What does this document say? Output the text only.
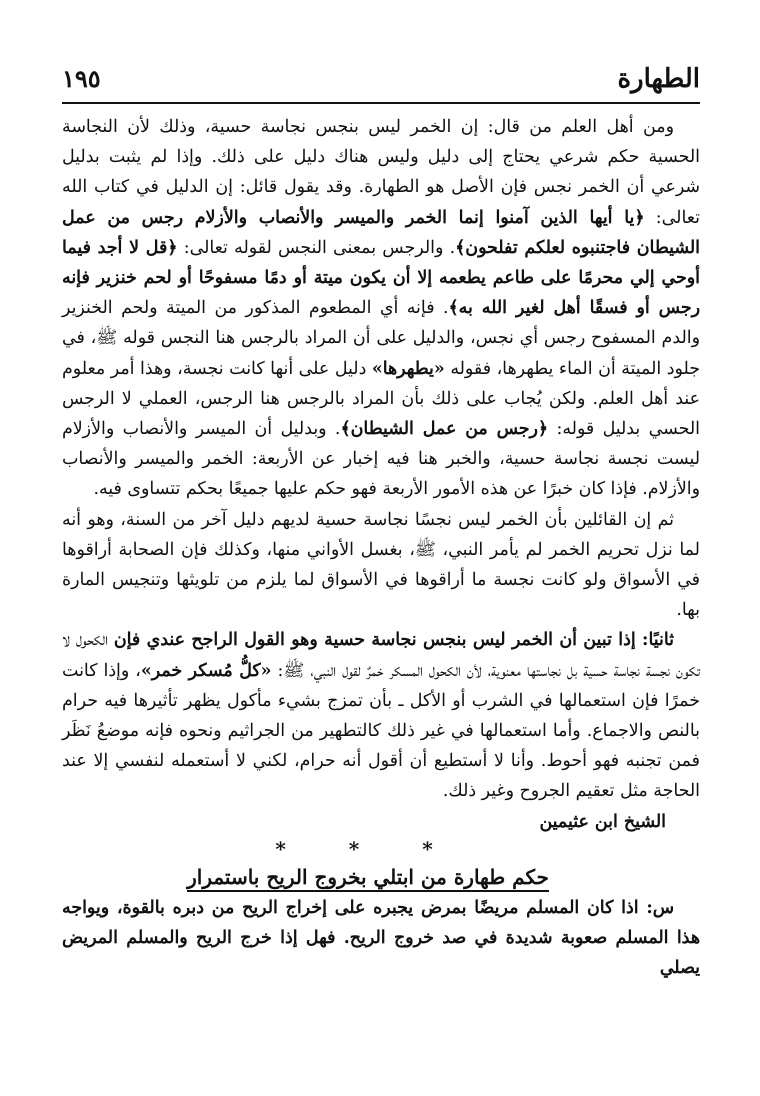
الطهارة
١٩٥

ومن أهل العلم من قال: إن الخمر ليس بنجس نجاسة حسية، وذلك لأن النجاسة الحسية حكم شرعي يحتاج إلى دليل وليس هناك دليل على ذلك. وإذا لم يثبت بدليل شرعي أن الخمر نجس فإن الأصل هو الطهارة. وقد يقول قائل: إن الدليل في كتاب الله تعالى: ﴿يا أيها الذين آمنوا إنما الخمر والميسر والأنصاب والأزلام رجس من عمل الشيطان فاجتنبوه لعلكم تفلحون﴾. والرجس بمعنى النجس لقوله تعالى: ﴿قل لا أجد فيما أوحي إلي محرمًا على طاعم يطعمه إلا أن يكون ميتة أو دمًا مسفوحًا أو لحم خنزير فإنه رجس أو فسقًا أهل لغير الله به﴾. فإنه أي المطعوم المذكور من الميتة ولحم الخنزير والدم المسفوح رجس أي نجس، والدليل على أن المراد بالرجس هنا النجس قوله ﷺ، في جلود الميتة أن الماء يطهرها، فقوله «يطهرها» دليل على أنها كانت نجسة، وهذا أمر معلوم عند أهل العلم. ولكن يُجاب على ذلك بأن المراد بالرجس هنا الرجس، العملي لا الرجس الحسي بدليل قوله: ﴿رجس من عمل الشيطان﴾. وبدليل أن الميسر والأنصاب والأزلام ليست نجسة نجاسة حسية، والخبر هنا فيه إخبار عن الأربعة: الخمر والميسر والأنصاب والأزلام. فإذا كان خبرًا عن هذه الأمور الأربعة فهو حكم عليها جميعًا بحكم تتساوى فيه.

ثم إن القائلين بأن الخمر ليس نجسًا نجاسة حسية لديهم دليل آخر من السنة، وهو أنه لما نزل تحريم الخمر لم يأمر النبي، ﷺ، بغسل الأواني منها، وكذلك فإن الصحابة أراقوها في الأسواق ولو كانت نجسة ما أراقوها في الأسواق لما يلزم من تلويثها وتنجيس المارة بها.

ثانيًا: إذا تبين أن الخمر ليس بنجس نجاسة حسية وهو القول الراجح عندي فإن الكحول لا تكون نجسة نجاسة حسية بل نجاستها معنوية، لأن الكحول المسكر خمرٌ لقول النبي، ﷺ: «كلُّ مُسكر خمر»، وإذا كانت خمرًا فإن استعمالها في الشرب أو الأكل ـ بأن تمزج بشيء مأكول يظهر تأثيرها فيه حرام بالنص والاجماع. وأما استعمالها في غير ذلك كالتطهير من الجراثيم ونحوه فإنه موضعُ نَظَر فمن تجنبه فهو أحوط. وأنا لا أستطيع أن أقول أنه حرام، لكني لا أستعمله لنفسي إلا عند الحاجة مثل تعقيم الجروح وغير ذلك.

الشيخ ابن عثيمين

* * *

حكم طهارة من ابتلي بخروج الريح باستمرار

س: اذا كان المسلم مريضًا بمرض يجبره على إخراج الريح من دبره بالقوة، ويواجه هذا المسلم صعوبة شديدة في صد خروج الريح. فهل إذا خرج الريح والمسلم المريض يصلي
